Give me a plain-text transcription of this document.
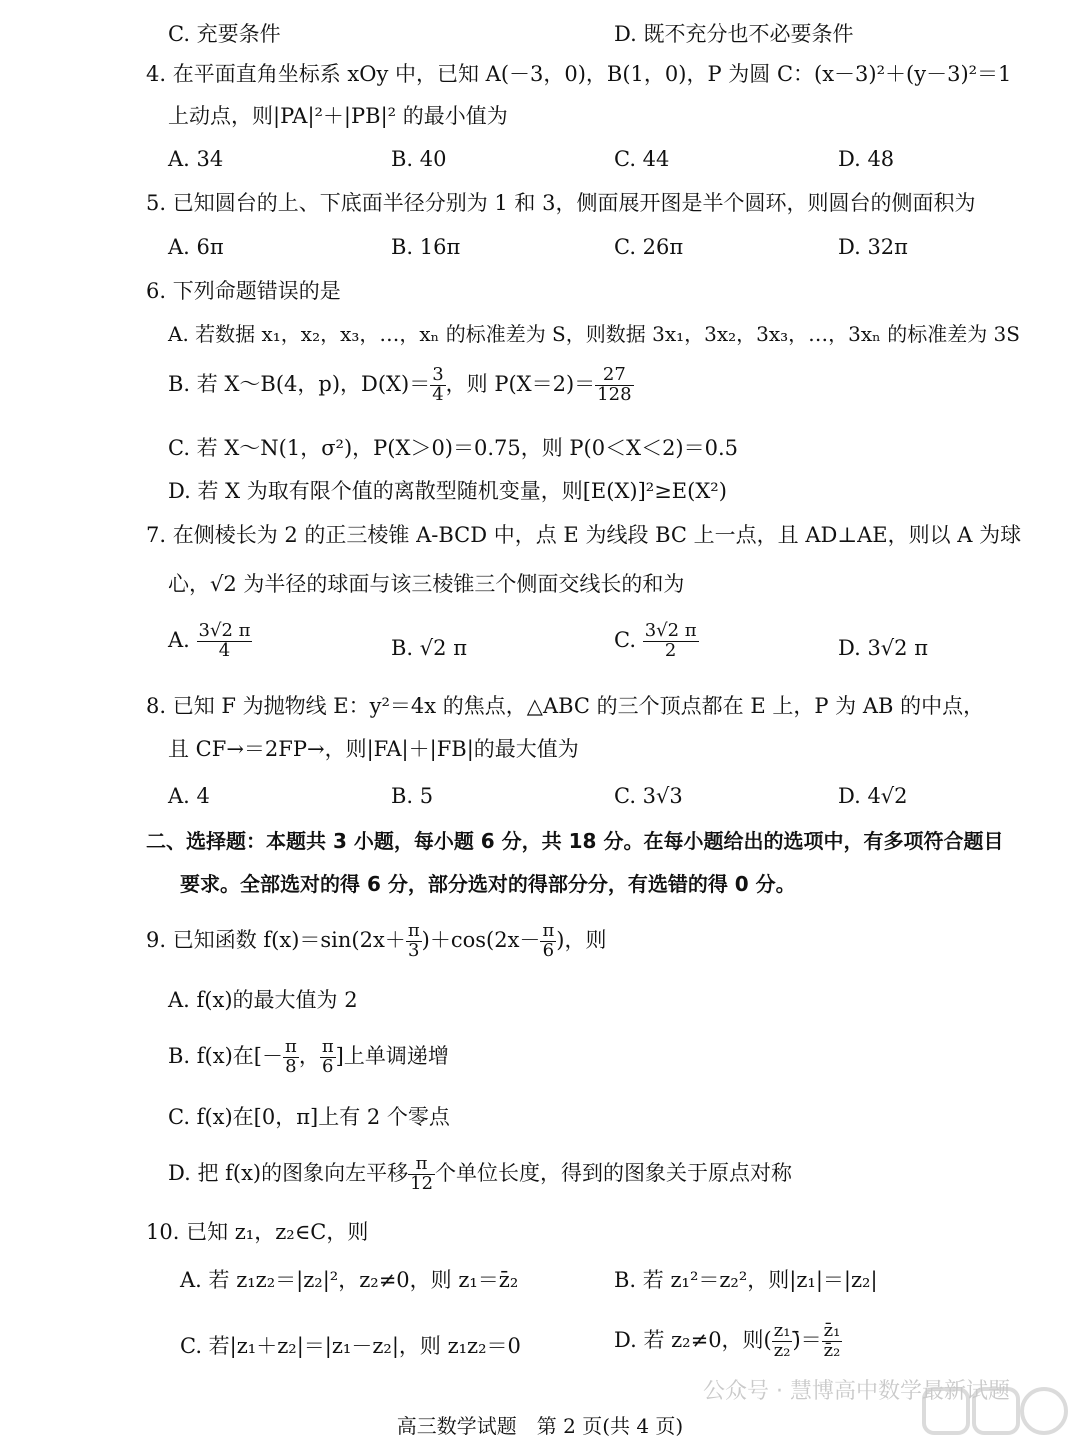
C. 充要条件	D. 既不充分也不必要条件
4. 在平面直角坐标系 xOy 中，已知 A(－3，0)，B(1，0)，P 为圆 C：(x－3)²＋(y－3)²＝1
上动点，则|PA|²＋|PB|² 的最小值为
A. 34	B. 40	C. 44	D. 48
5. 已知圆台的上、下底面半径分别为 1 和 3，侧面展开图是半个圆环，则圆台的侧面积为
A. 6π	B. 16π	C. 26π	D. 32π
6. 下列命题错误的是
A. 若数据 x₁，x₂，x₃，…，xₙ 的标准差为 S，则数据 3x₁，3x₂，3x₃，…，3xₙ 的标准差为 3S
B. 若 X～B(4，p)，$D(X)= \frac{3}{4}$ ，则 $P(X=2)= \frac{27}{128}$
C. 若 X～N(1，σ²)，P(X＞0)＝0.75，则 P(0＜X＜2)＝0.5
D. 若 X 为取有限个值的离散型随机变量，则[E(X)]²≥E(X²)
7. 在侧棱长为 2 的正三棱锥 A-BCD 中，点 E 为线段 BC 上一点，且 AD⊥AE，则以 A 为球
心，√2 为半径的球面与该三棱锥三个侧面交线长的和为
A. $\frac{3√2 \pi}{4}$	B. √2 π	C. $\frac{3√2 \pi}{2}$	D. 3√2 π
8. 已知 F 为抛物线 E：y²＝4x 的焦点，△ABC 的三个顶点都在 E 上，P 为 AB 的中点，
且 CF→＝2FP→，则|FA|＋|FB|的最大值为
A. 4	B. 5	C. 3√3	D. 4√2
二、选择题：本题共 3 小题，每小题 6 分，共 18 分。在每小题给出的选项中，有多项符合题目
要求。全部选对的得 6 分，部分选对的得部分分，有选错的得 0 分。
9. 已知函数 $f(x)=\sin(2x+ \frac{\pi}{3} )+\cos(2x- \frac{\pi}{6}$ )，则
A. f(x)的最大值为 2
B. f(x)在[－ $\frac{\pi}{8}$ ， $\frac{\pi}{6}$ ]上单调递增
C. f(x)在[0，π]上有 2 个零点
D. 把 f(x)的图象向左平移 $\frac{\pi}{12}$ 个单位长度，得到的图象关于原点对称
10. 已知 z₁，z₂∈C，则
A. 若 z₁z₂＝|z₂|²，z₂≠0，则 z₁＝z̄₂	B. 若 z₁²＝z₂²，则|z₁|＝|z₂|
C. 若|z₁＋z₂|＝|z₁－z₂|，则 z₁z₂＝0	D. 若 z₂≠0，则( $\frac{\text{z₁}}{\text{z₂}}$ )̄＝ $\frac{\text{z̄₁}}{\text{z̄₂}}$
公众号 · 慧博高中数学最新试题
高三数学试题　第 2 页(共 4 页)
